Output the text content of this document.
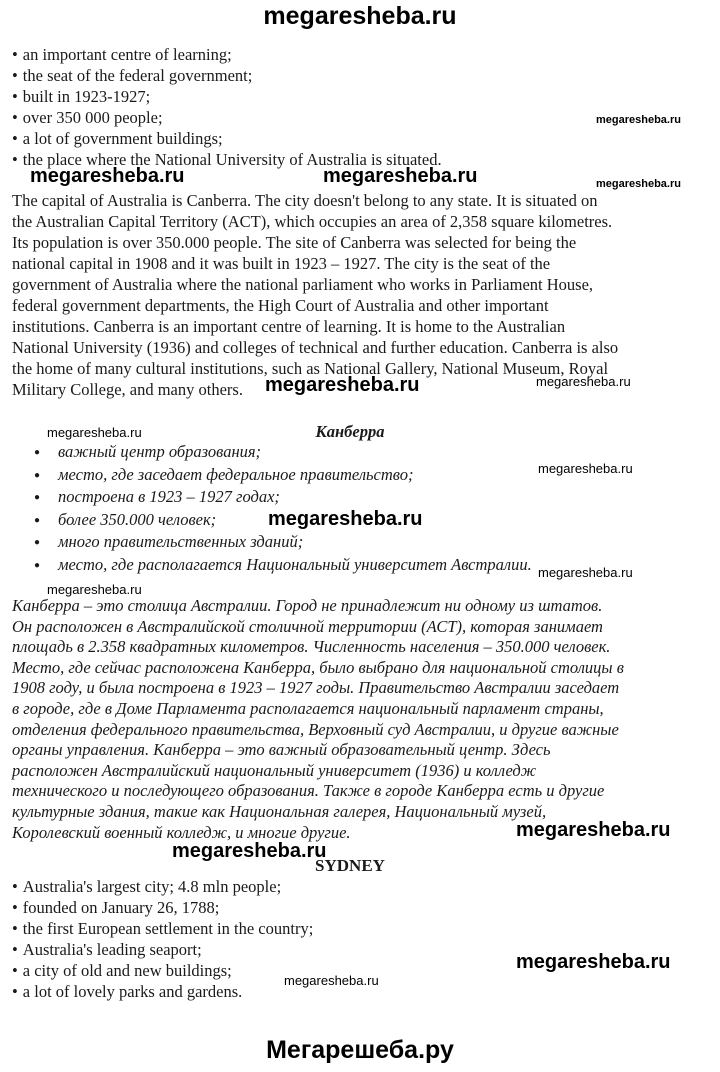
megaresheba.ru
• an important centre of learning;
• the seat of the federal government;
• built in 1923-1927;
• over 350 000 people;
• a lot of government buildings;
• the place where the National University of Australia is situated.
The capital of Australia is Canberra. The city doesn't belong to any state. It is situated on
the Australian Capital Territory (ACT), which occupies an area of 2,358 square kilometres.
Its population is over 350.000 people. The site of Canberra was selected for being the
national capital in 1908 and it was built in 1923 – 1927. The city is the seat of the
government of Australia where the national parliament who works in Parliament House,
federal government departments, the High Court of Australia and other important
institutions. Canberra is an important centre of learning. It is home to the Australian
National University (1936) and colleges of technical and further education. Canberra is also
the home of many cultural institutions, such as National Gallery, National Museum, Royal
Military College, and many others.
Канберра
● важный центр образования;
● место, где заседает федеральное правительство;
● построена в 1923 – 1927 годах;
● более 350.000 человек;
● много правительственных зданий;
● место, где располагается Национальный университет Австралии.
Канберра – это столица Австралии. Город не принадлежит ни одному из штатов.
Он расположен в Австралийской столичной территории (АСТ), которая занимает
площадь в 2.358 квадратных километров. Численность населения – 350.000 человек.
Место, где сейчас расположена Канберра, было выбрано для национальной столицы в
1908 году, и была построена в 1923 – 1927 годы. Правительство Австралии заседает
в городе, где в Доме Парламента располагается национальный парламент страны,
отделения федерального правительства, Верховный суд Австралии, и другие важные
органы управления. Канберра – это важный образовательный центр. Здесь
расположен Австралийский национальный университет (1936) и колледж
технического и последующего образования. Также в городе Канберра есть и другие
культурные здания, такие как Национальная галерея, Национальный музей,
Королевский военный колледж, и многие другие.
SYDNEY
• Australia's largest city; 4.8 mln people;
• founded on January 26, 1788;
• the first European settlement in the country;
• Australia's leading seaport;
• a city of old and new buildings;
• a lot of lovely parks and gardens.
megaresheba.ru
megaresheba.ru	megaresheba.ru	megaresheba.ru
megaresheba.ru	megaresheba.ru
megaresheba.ru
megaresheba.ru
megaresheba.ru
megaresheba.ru
megaresheba.ru
megaresheba.ru
megaresheba.ru
megaresheba.ru
megaresheba.ru
Мегарешеба.ру
